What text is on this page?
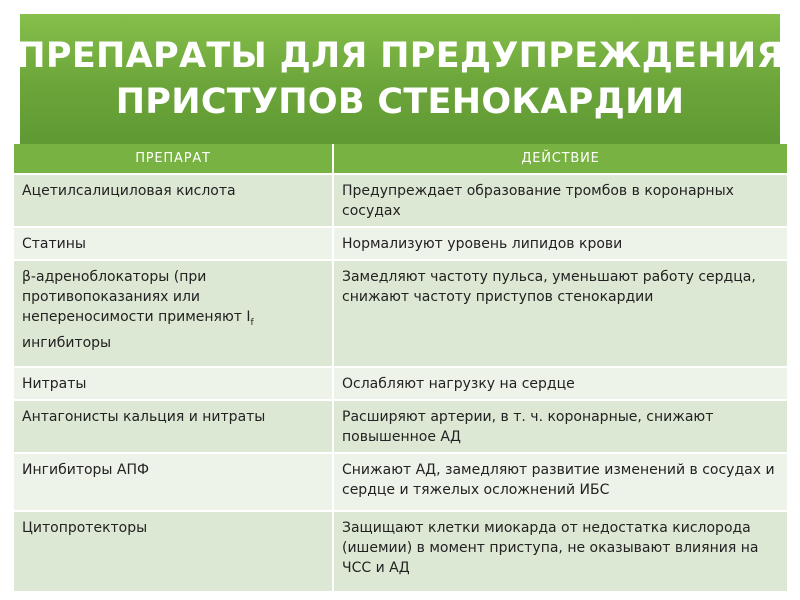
ПРЕПАРАТЫ ДЛЯ ПРЕДУПРЕЖДЕНИЯ
ПРИСТУПОВ СТЕНОКАРДИИ
ПРЕПАРАТ	ДЕЙСТВИЕ
Ацетилсалициловая кислота	Предупреждает образование тромбов в коронарных сосудах
Статины	Нормализуют уровень липидов крови
β-адреноблокаторы (при противопоказаниях или непереносимости применяют $I_f$
ингибиторы	Замедляют частоту пульса, уменьшают работу сердца, снижают частоту приступов стенокардии
Нитраты	Ослабляют нагрузку на сердце
Антагонисты кальция и нитраты	Расширяют артерии, в т. ч. коронарные, снижают повышенное АД
Ингибиторы АПФ	Снижают АД, замедляют развитие изменений в сосудах и сердце и тяжелых осложнений ИБС
Цитопротекторы	Защищают клетки миокарда от недостатка кислорода (ишемии) в момент приступа, не оказывают влияния на ЧСС и АД
